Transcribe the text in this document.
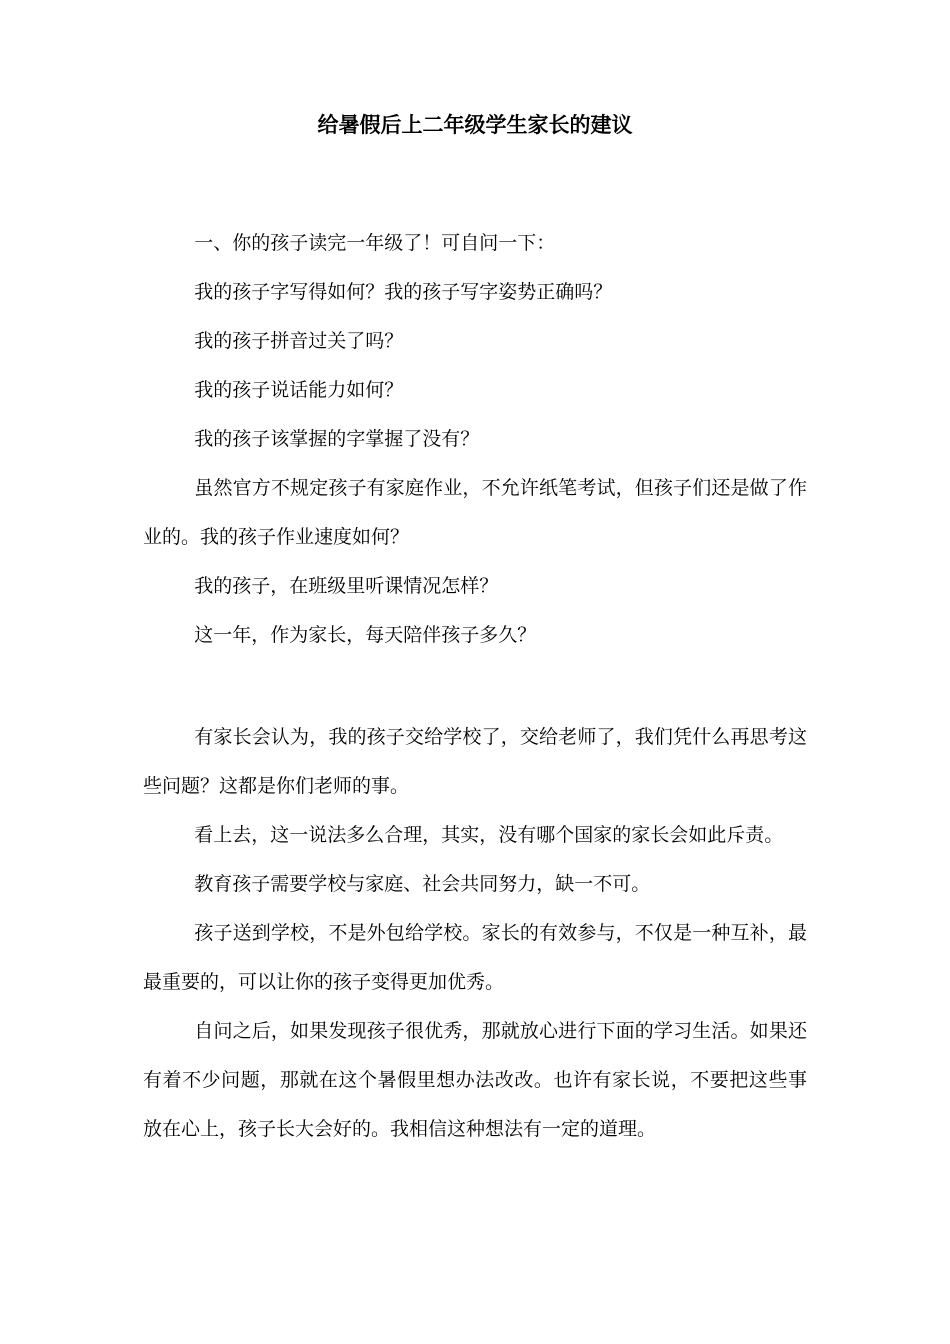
给暑假后上二年级学生家长的建议

一、你的孩子读完一年级了！可自问一下：

我的孩子字写得如何？我的孩子写字姿势正确吗？

我的孩子拼音过关了吗？

我的孩子说话能力如何？

我的孩子该掌握的字掌握了没有？

虽然官方不规定孩子有家庭作业，不允许纸笔考试，但孩子们还是做了作业的。我的孩子作业速度如何？

我的孩子，在班级里听课情况怎样？

这一年，作为家长，每天陪伴孩子多久？

有家长会认为，我的孩子交给学校了，交给老师了，我们凭什么再思考这些问题？这都是你们老师的事。

看上去，这一说法多么合理，其实，没有哪个国家的家长会如此斥责。

教育孩子需要学校与家庭、社会共同努力，缺一不可。

孩子送到学校，不是外包给学校。家长的有效参与，不仅是一种互补，最最重要的，可以让你的孩子变得更加优秀。

自问之后，如果发现孩子很优秀，那就放心进行下面的学习生活。如果还有着不少问题，那就在这个暑假里想办法改改。也许有家长说，不要把这些事放在心上，孩子长大会好的。我相信这种想法有一定的道理。
